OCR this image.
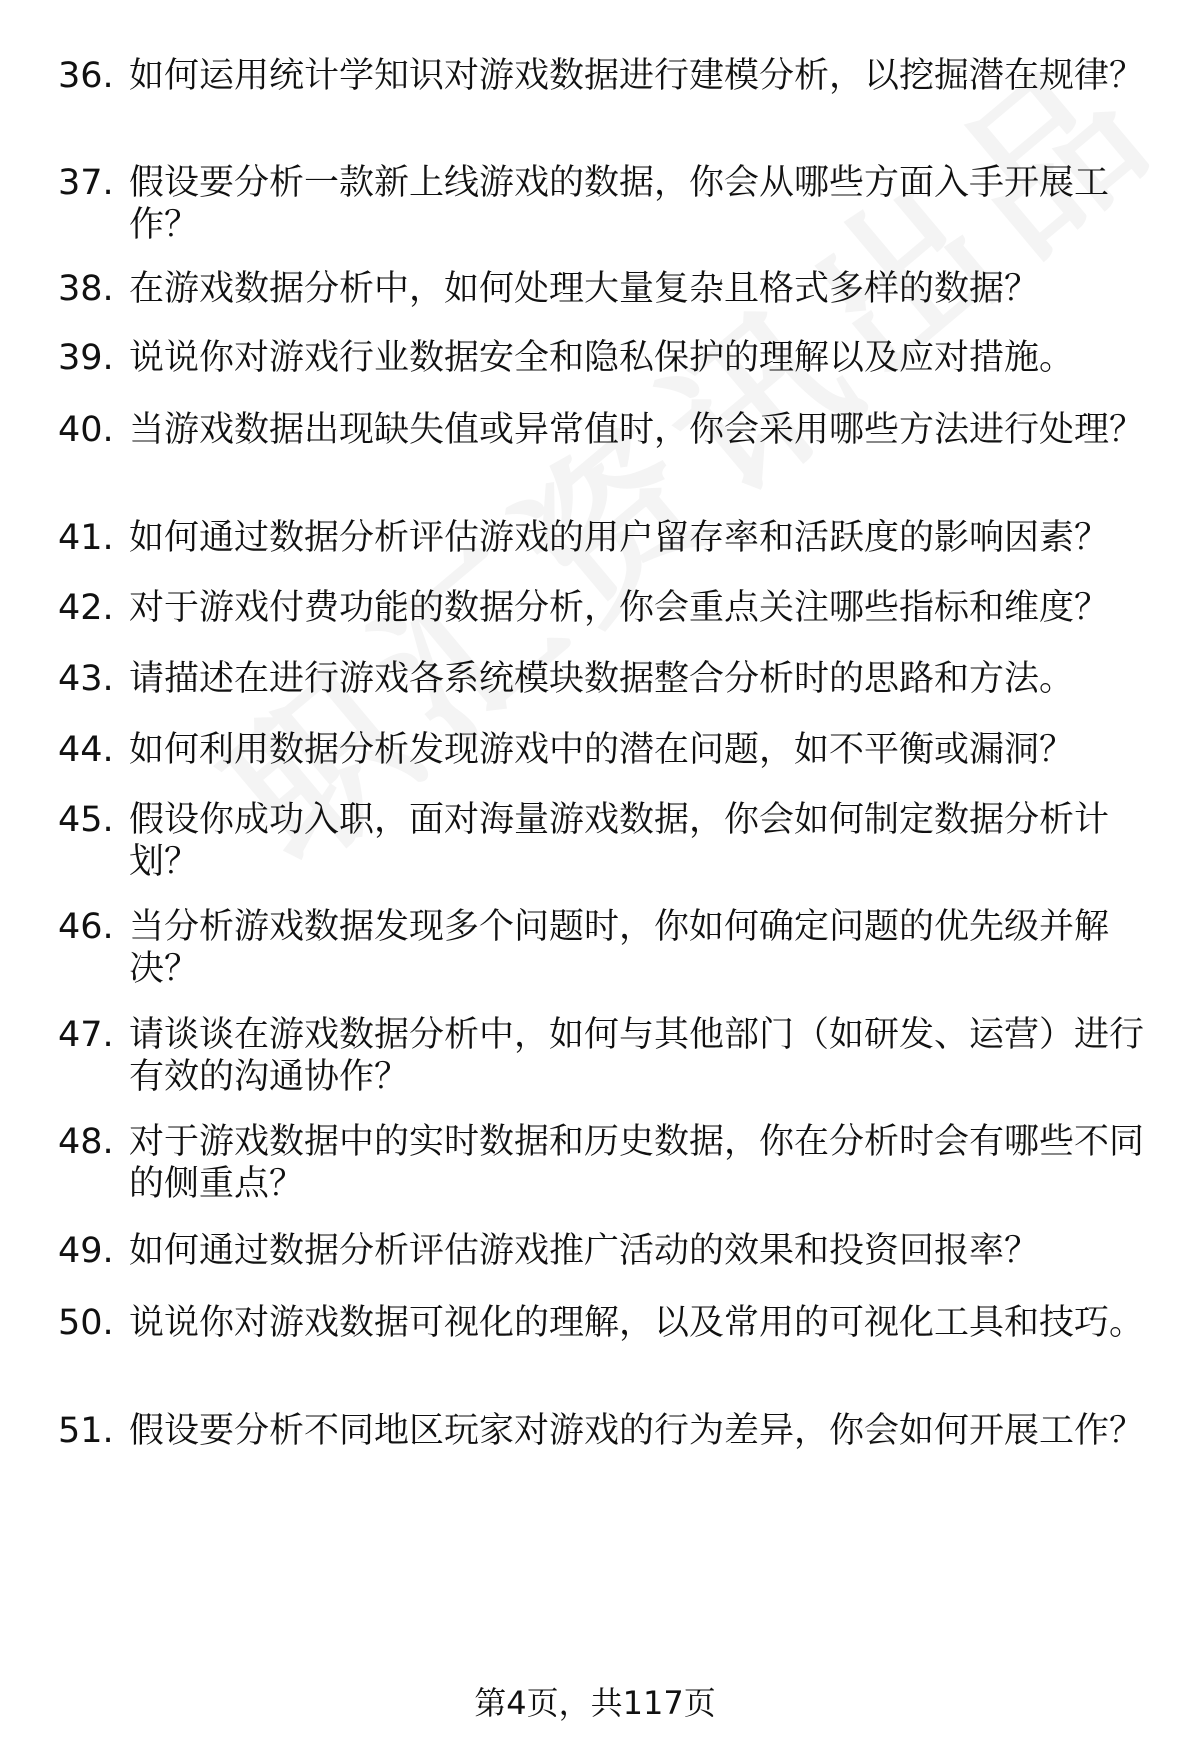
36. 如何运用统计学知识对游戏数据进行建模分析，以挖掘潜在规律？
37. 假设要分析一款新上线游戏的数据，你会从哪些方面入手开展工作？
38. 在游戏数据分析中，如何处理大量复杂且格式多样的数据？
39. 说说你对游戏行业数据安全和隐私保护的理解以及应对措施。
40. 当游戏数据出现缺失值或异常值时，你会采用哪些方法进行处理？
41. 如何通过数据分析评估游戏的用户留存率和活跃度的影响因素？
42. 对于游戏付费功能的数据分析，你会重点关注哪些指标和维度？
43. 请描述在进行游戏各系统模块数据整合分析时的思路和方法。
44. 如何利用数据分析发现游戏中的潜在问题，如不平衡或漏洞？
45. 假设你成功入职，面对海量游戏数据，你会如何制定数据分析计划？
46. 当分析游戏数据发现多个问题时，你如何确定问题的优先级并解决？
47. 请谈谈在游戏数据分析中，如何与其他部门（如研发、运营）进行有效的沟通协作？
48. 对于游戏数据中的实时数据和历史数据，你在分析时会有哪些不同的侧重点？
49. 如何通过数据分析评估游戏推广活动的效果和投资回报率？
50. 说说你对游戏数据可视化的理解，以及常用的可视化工具和技巧。
51. 假设要分析不同地区玩家对游戏的行为差异，你会如何开展工作？
第4页，共117页
